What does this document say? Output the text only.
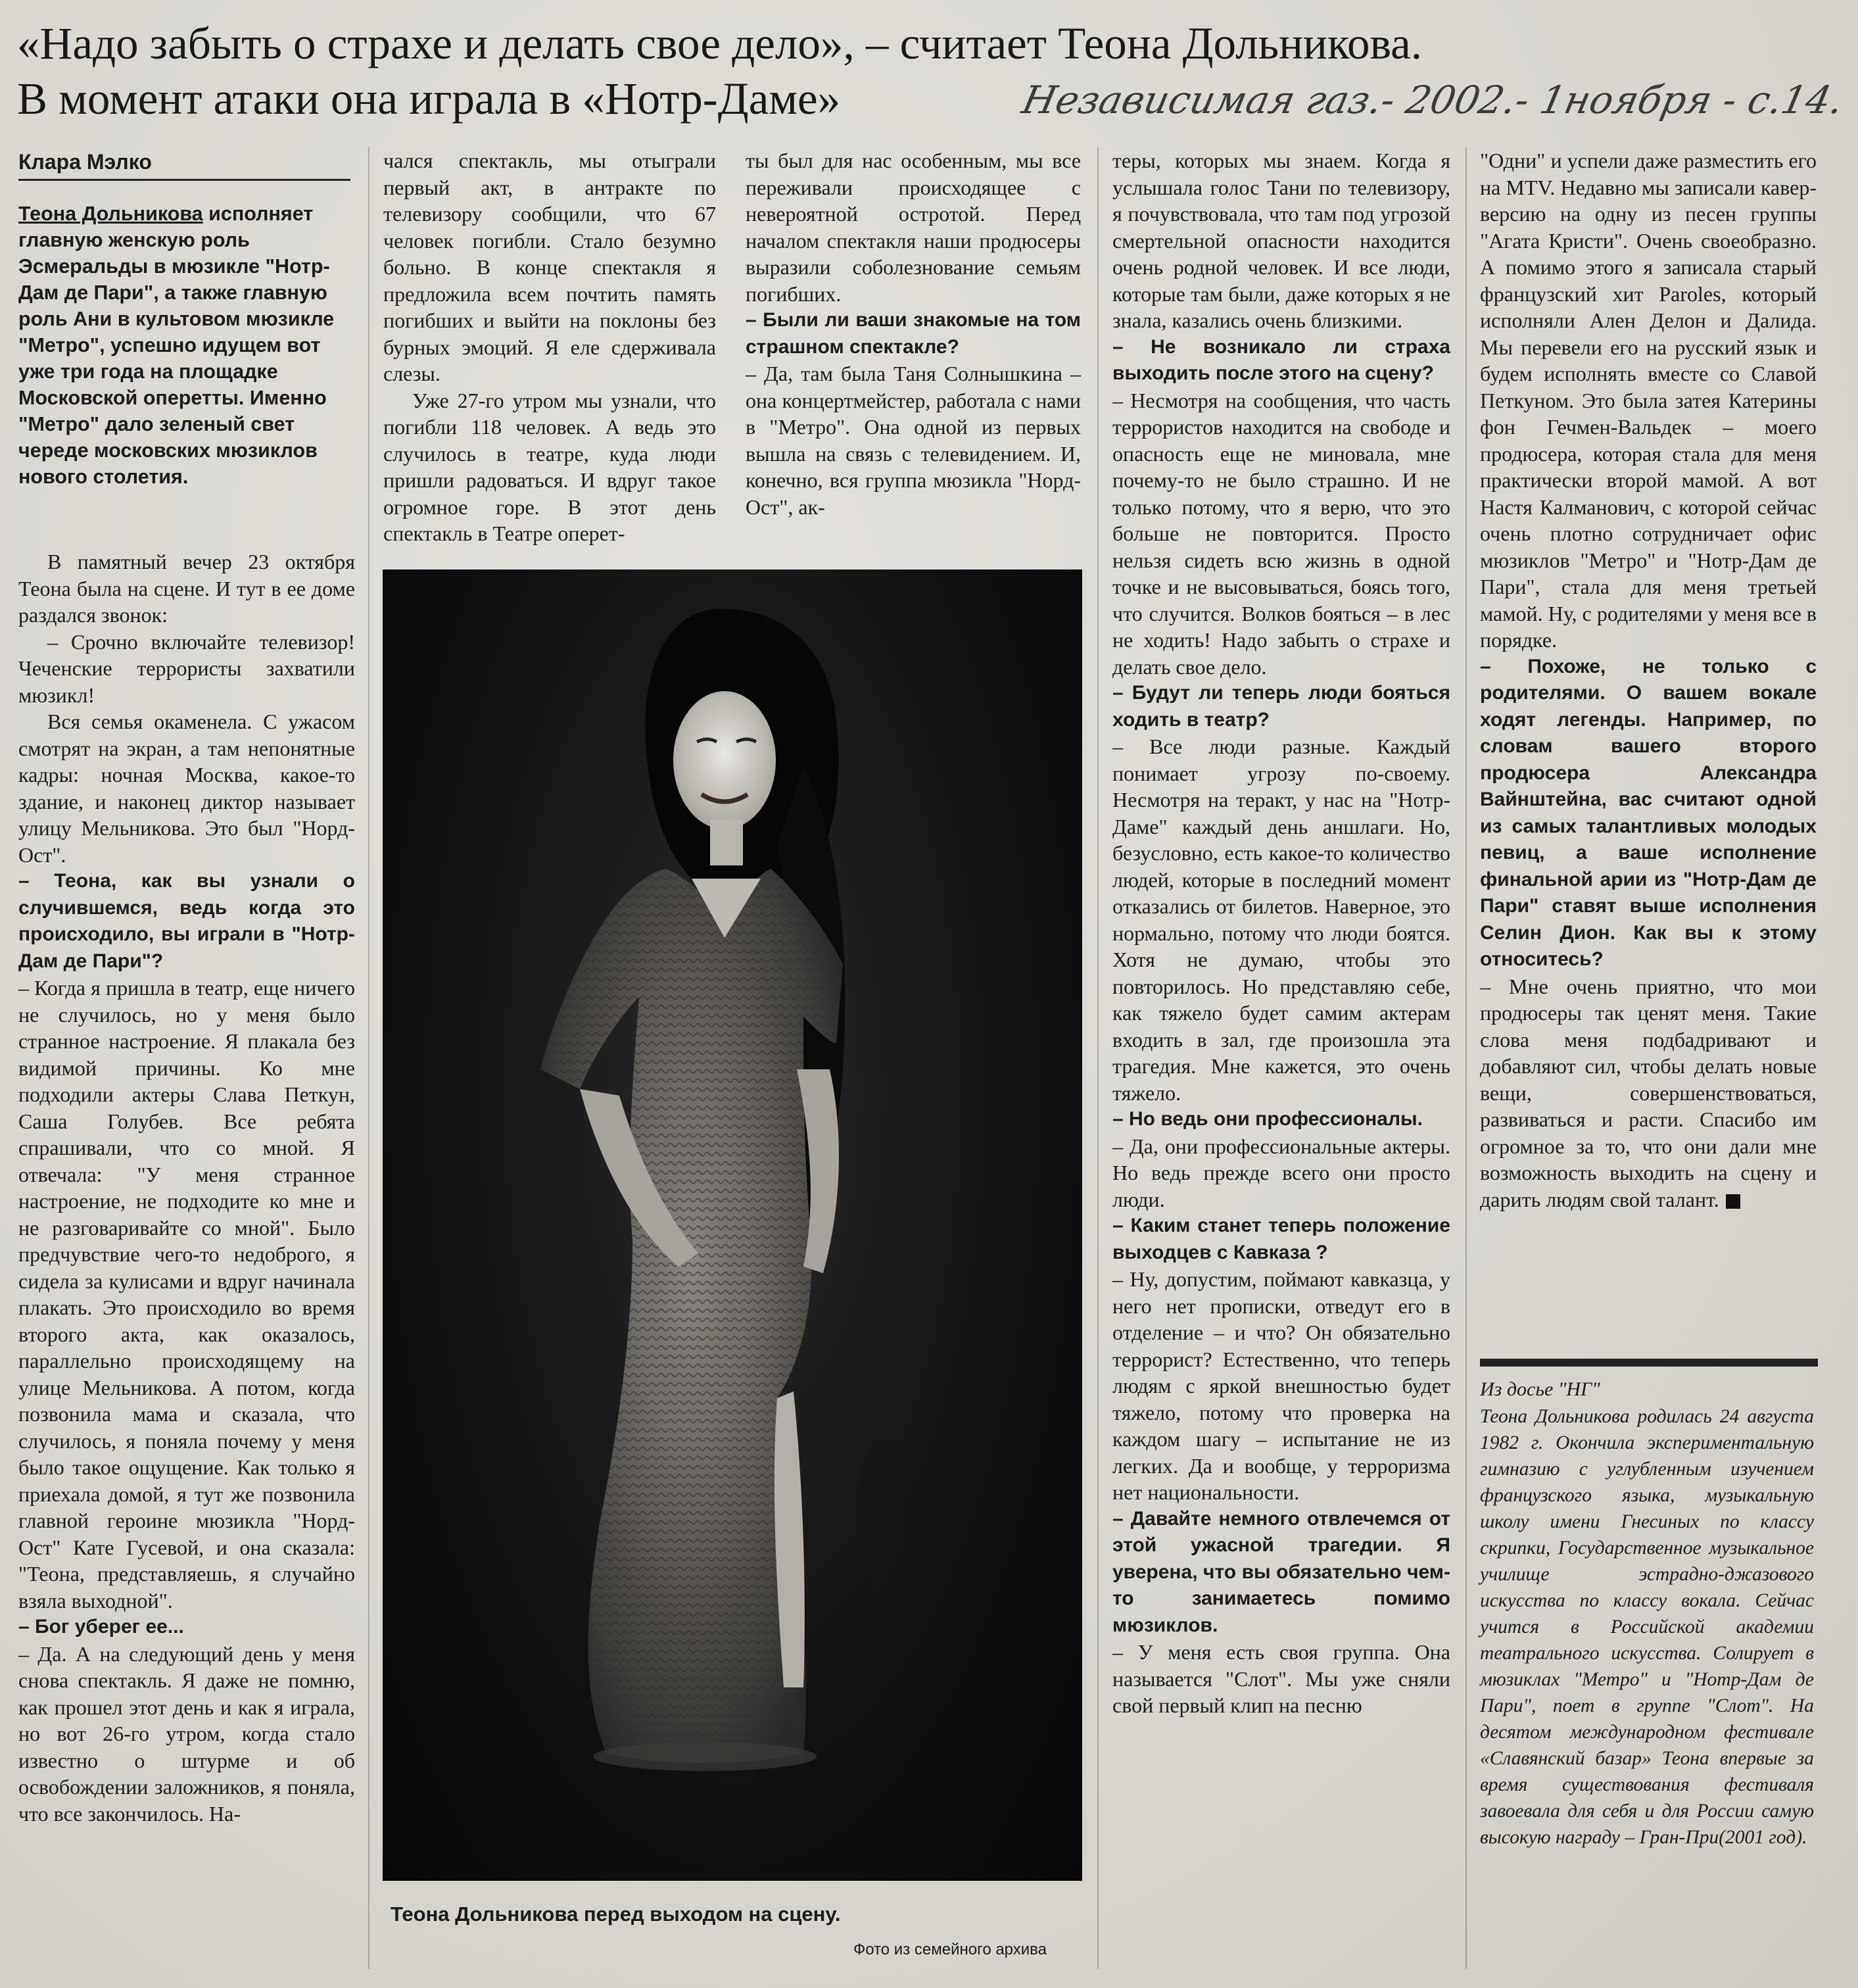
«Надо забыть о страхе и делать свое дело», – считает Теона Дольникова.
В момент атаки она играла в «Нотр-Даме»	Независимая газ.- 2002.- 1ноября - с.14.
Клара Мэлко

Теона Дольникова исполняет главную женскую роль Эсмеральды в мюзикле "Нотр-Дам де Пари", а также главную роль Ани в культовом мюзикле "Метро", успешно идущем вот уже три года на площадке Московской оперетты. Именно "Метро" дало зеленый свет череде московских мюзиклов нового столетия.

В памятный вечер 23 октября Теона была на сцене. И тут в ее доме раздался звонок:

– Срочно включайте телевизор! Чеченские террористы захватили мюзикл!

Вся семья окаменела. С ужасом смотрят на экран, а там непонятные кадры: ночная Москва, какое-то здание, и наконец диктор называет улицу Мельникова. Это был "Норд-Ост".

– Теона, как вы узнали о случившемся, ведь когда это происходило, вы играли в "Нотр-Дам де Пари"?

– Когда я пришла в театр, еще ничего не случилось, но у меня было странное настроение. Я плакала без видимой причины. Ко мне подходили актеры Слава Петкун, Саша Голубев. Все ребята спрашивали, что со мной. Я отвечала: "У меня странное настроение, не подходите ко мне и не разговаривайте со мной". Было предчувствие чего-то недоброго, я сидела за кулисами и вдруг начинала плакать. Это происходило во время второго акта, как оказалось, параллельно происходящему на улице Мельникова. А потом, когда позвонила мама и сказала, что случилось, я поняла почему у меня было такое ощущение. Как только я приехала домой, я тут же позвонила главной героине мюзикла "Норд-Ост" Кате Гусевой, и она сказала: "Теона, представляешь, я случайно взяла выходной".

– Бог уберег ее...

– Да. А на следующий день у меня снова спектакль. Я даже не помню, как прошел этот день и как я играла, но вот 26-го утром, когда стало известно о штурме и об освобождении заложников, я поняла, что все закончилось. На-

чался спектакль, мы отыграли первый акт, в антракте по телевизору сообщили, что 67 человек погибли. Стало безумно больно. В конце спектакля я предложила всем почтить память погибших и выйти на поклоны без бурных эмоций. Я еле сдерживала слезы.

Уже 27-го утром мы узнали, что погибли 118 человек. А ведь это случилось в театре, куда люди пришли радоваться. И вдруг такое огромное горе. В этот день спектакль в Театре оперет-

ты был для нас особенным, мы все переживали происходящее с невероятной остротой. Перед началом спектакля наши продюсеры выразили соболезнование семьям погибших.

– Были ли ваши знакомые на том страшном спектакле?

– Да, там была Таня Солнышкина – она концертмейстер, работала с нами в "Метро". Она одной из первых вышла на связь с телевидением. И, конечно, вся группа мюзикла "Норд-Ост", ак-

теры, которых мы знаем. Когда я услышала голос Тани по телевизору, я почувствовала, что там под угрозой смертельной опасности находится очень родной человек. И все люди, которые там были, даже которых я не знала, казались очень близкими.

– Не возникало ли страха выходить после этого на сцену?

– Несмотря на сообщения, что часть террористов находится на свободе и опасность еще не миновала, мне почему-то не было страшно. И не только потому, что я верю, что это больше не повторится. Просто нельзя сидеть всю жизнь в одной точке и не высовываться, боясь того, что случится. Волков бояться – в лес не ходить! Надо забыть о страхе и делать свое дело.

– Будут ли теперь люди бояться ходить в театр?

– Все люди разные. Каждый понимает угрозу по-своему. Несмотря на теракт, у нас на "Нотр-Даме" каждый день аншлаги. Но, безусловно, есть какое-то количество людей, которые в последний момент отказались от билетов. Наверное, это нормально, потому что люди боятся. Хотя не думаю, чтобы это повторилось. Но представляю себе, как тяжело будет самим актерам входить в зал, где произошла эта трагедия. Мне кажется, это очень тяжело.

– Но ведь они профессионалы.

– Да, они профессиональные актеры. Но ведь прежде всего они просто люди.

– Каким станет теперь положение выходцев с Кавказа ?

– Ну, допустим, поймают кавказца, у него нет прописки, отведут его в отделение – и что? Он обязательно террорист? Естественно, что теперь людям с яркой внешностью будет тяжело, потому что проверка на каждом шагу – испытание не из легких. Да и вообще, у терроризма нет национальности.

– Давайте немного отвлечемся от этой ужасной трагедии. Я уверена, что вы обязательно чем-то занимаетесь помимо мюзиклов.

– У меня есть своя группа. Она называется "Слот". Мы уже сняли свой первый клип на песню

"Одни" и успели даже разместить его на MTV. Недавно мы записали кавер-версию на одну из песен группы "Агата Кристи". Очень своеобразно. А помимо этого я записала старый французский хит Paroles, который исполняли Ален Делон и Далида. Мы перевели его на русский язык и будем исполнять вместе со Славой Петкуном. Это была затея Катерины фон Гечмен-Вальдек – моего продюсера, которая стала для меня практически второй мамой. А вот Настя Калманович, с которой сейчас очень плотно сотрудничает офис мюзиклов "Метро" и "Нотр-Дам де Пари", стала для меня третьей мамой. Ну, с родителями у меня все в порядке.

– Похоже, не только с родителями. О вашем вокале ходят легенды. Например, по словам вашего второго продюсера Александра Вайнштейна, вас считают одной из самых талантливых молодых певиц, а ваше исполнение финальной арии из "Нотр-Дам де Пари" ставят выше исполнения Селин Дион. Как вы к этому относитесь?

– Мне очень приятно, что мои продюсеры так ценят меня. Такие слова меня подбадривают и добавляют сил, чтобы делать новые вещи, совершенствоваться, развиваться и расти. Спасибо им огромное за то, что они дали мне возможность выходить на сцену и дарить людям свой талант.

Теона Дольникова перед выходом на сцену.
Фото из семейного архива

Из досье "НГ"

Теона Дольникова родилась 24 августа 1982 г. Окончила экспериментальную гимназию с углубленным изучением французского языка, музыкальную школу имени Гнесиных по классу скрипки, Государственное музыкальное училище эстрадно-джазового искусства по классу вокала. Сейчас учится в Российской академии театрального искусства. Солирует в мюзиклах "Метро" и "Нотр-Дам де Пари", поет в группе "Слот". На десятом международном фестивале «Славянский базар» Теона впервые за время существования фестиваля завоевала для себя и для России самую высокую награду – Гран-При(2001 год).
